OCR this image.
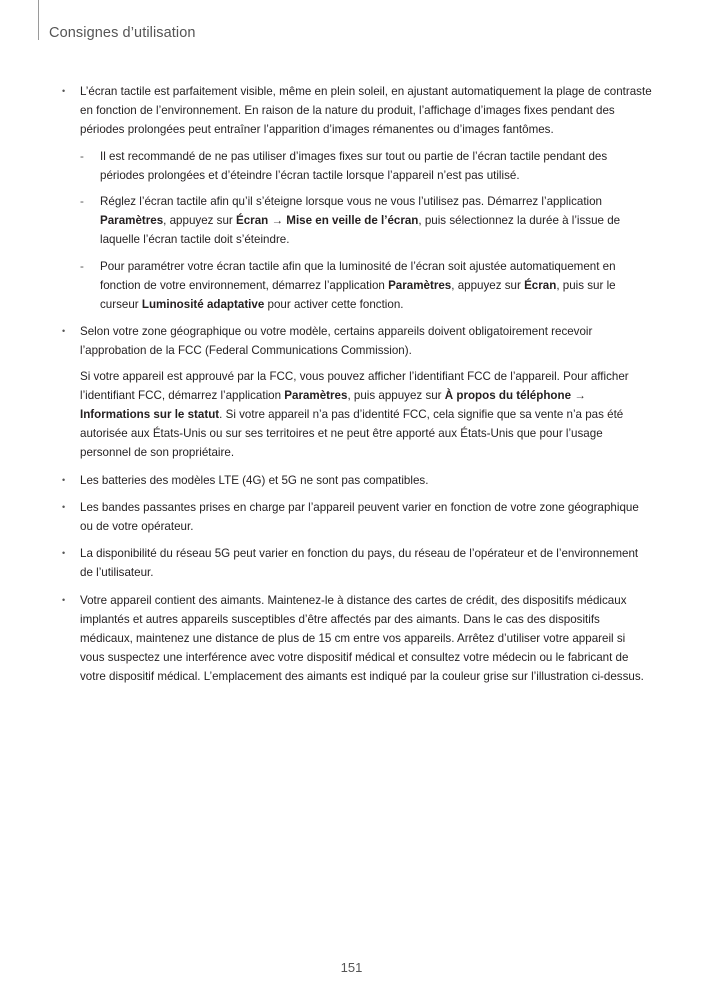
Consignes d’utilisation

• L’écran tactile est parfaitement visible, même en plein soleil, en ajustant automatiquement la plage de contraste en fonction de l’environnement. En raison de la nature du produit, l’affichage d’images fixes pendant des périodes prolongées peut entraîner l’apparition d’images rémanentes ou d’images fantômes.

- Il est recommandé de ne pas utiliser d’images fixes sur tout ou partie de l’écran tactile pendant des périodes prolongées et d’éteindre l’écran tactile lorsque l’appareil n’est pas utilisé.
- Réglez l’écran tactile afin qu’il s’éteigne lorsque vous ne vous l’utilisez pas. Démarrez l’application Paramètres, appuyez sur Écran → Mise en veille de l’écran, puis sélectionnez la durée à l’issue de laquelle l’écran tactile doit s’éteindre.
- Pour paramétrer votre écran tactile afin que la luminosité de l’écran soit ajustée automatiquement en fonction de votre environnement, démarrez l’application Paramètres, appuyez sur Écran, puis sur le curseur Luminosité adaptative pour activer cette fonction.

• Selon votre zone géographique ou votre modèle, certains appareils doivent obligatoirement recevoir l’approbation de la FCC (Federal Communications Commission).

Si votre appareil est approuvé par la FCC, vous pouvez afficher l’identifiant FCC de l’appareil. Pour afficher l’identifiant FCC, démarrez l’application Paramètres, puis appuyez sur À propos du téléphone → Informations sur le statut. Si votre appareil n’a pas d’identité FCC, cela signifie que sa vente n’a pas été autorisée aux États-Unis ou sur ses territoires et ne peut être apporté aux États-Unis que pour l’usage personnel de son propriétaire.

• Les batteries des modèles LTE (4G) et 5G ne sont pas compatibles.

• Les bandes passantes prises en charge par l’appareil peuvent varier en fonction de votre zone géographique ou de votre opérateur.

• La disponibilité du réseau 5G peut varier en fonction du pays, du réseau de l’opérateur et de l’environnement de l’utilisateur.

• Votre appareil contient des aimants. Maintenez-le à distance des cartes de crédit, des dispositifs médicaux implantés et autres appareils susceptibles d’être affectés par des aimants. Dans le cas des dispositifs médicaux, maintenez une distance de plus de 15 cm entre vos appareils. Arrêtez d’utiliser votre appareil si vous suspectez une interférence avec votre dispositif médical et consultez votre médecin ou le fabricant de votre dispositif médical. L’emplacement des aimants est indiqué par la couleur grise sur l’illustration ci-dessus.

151
